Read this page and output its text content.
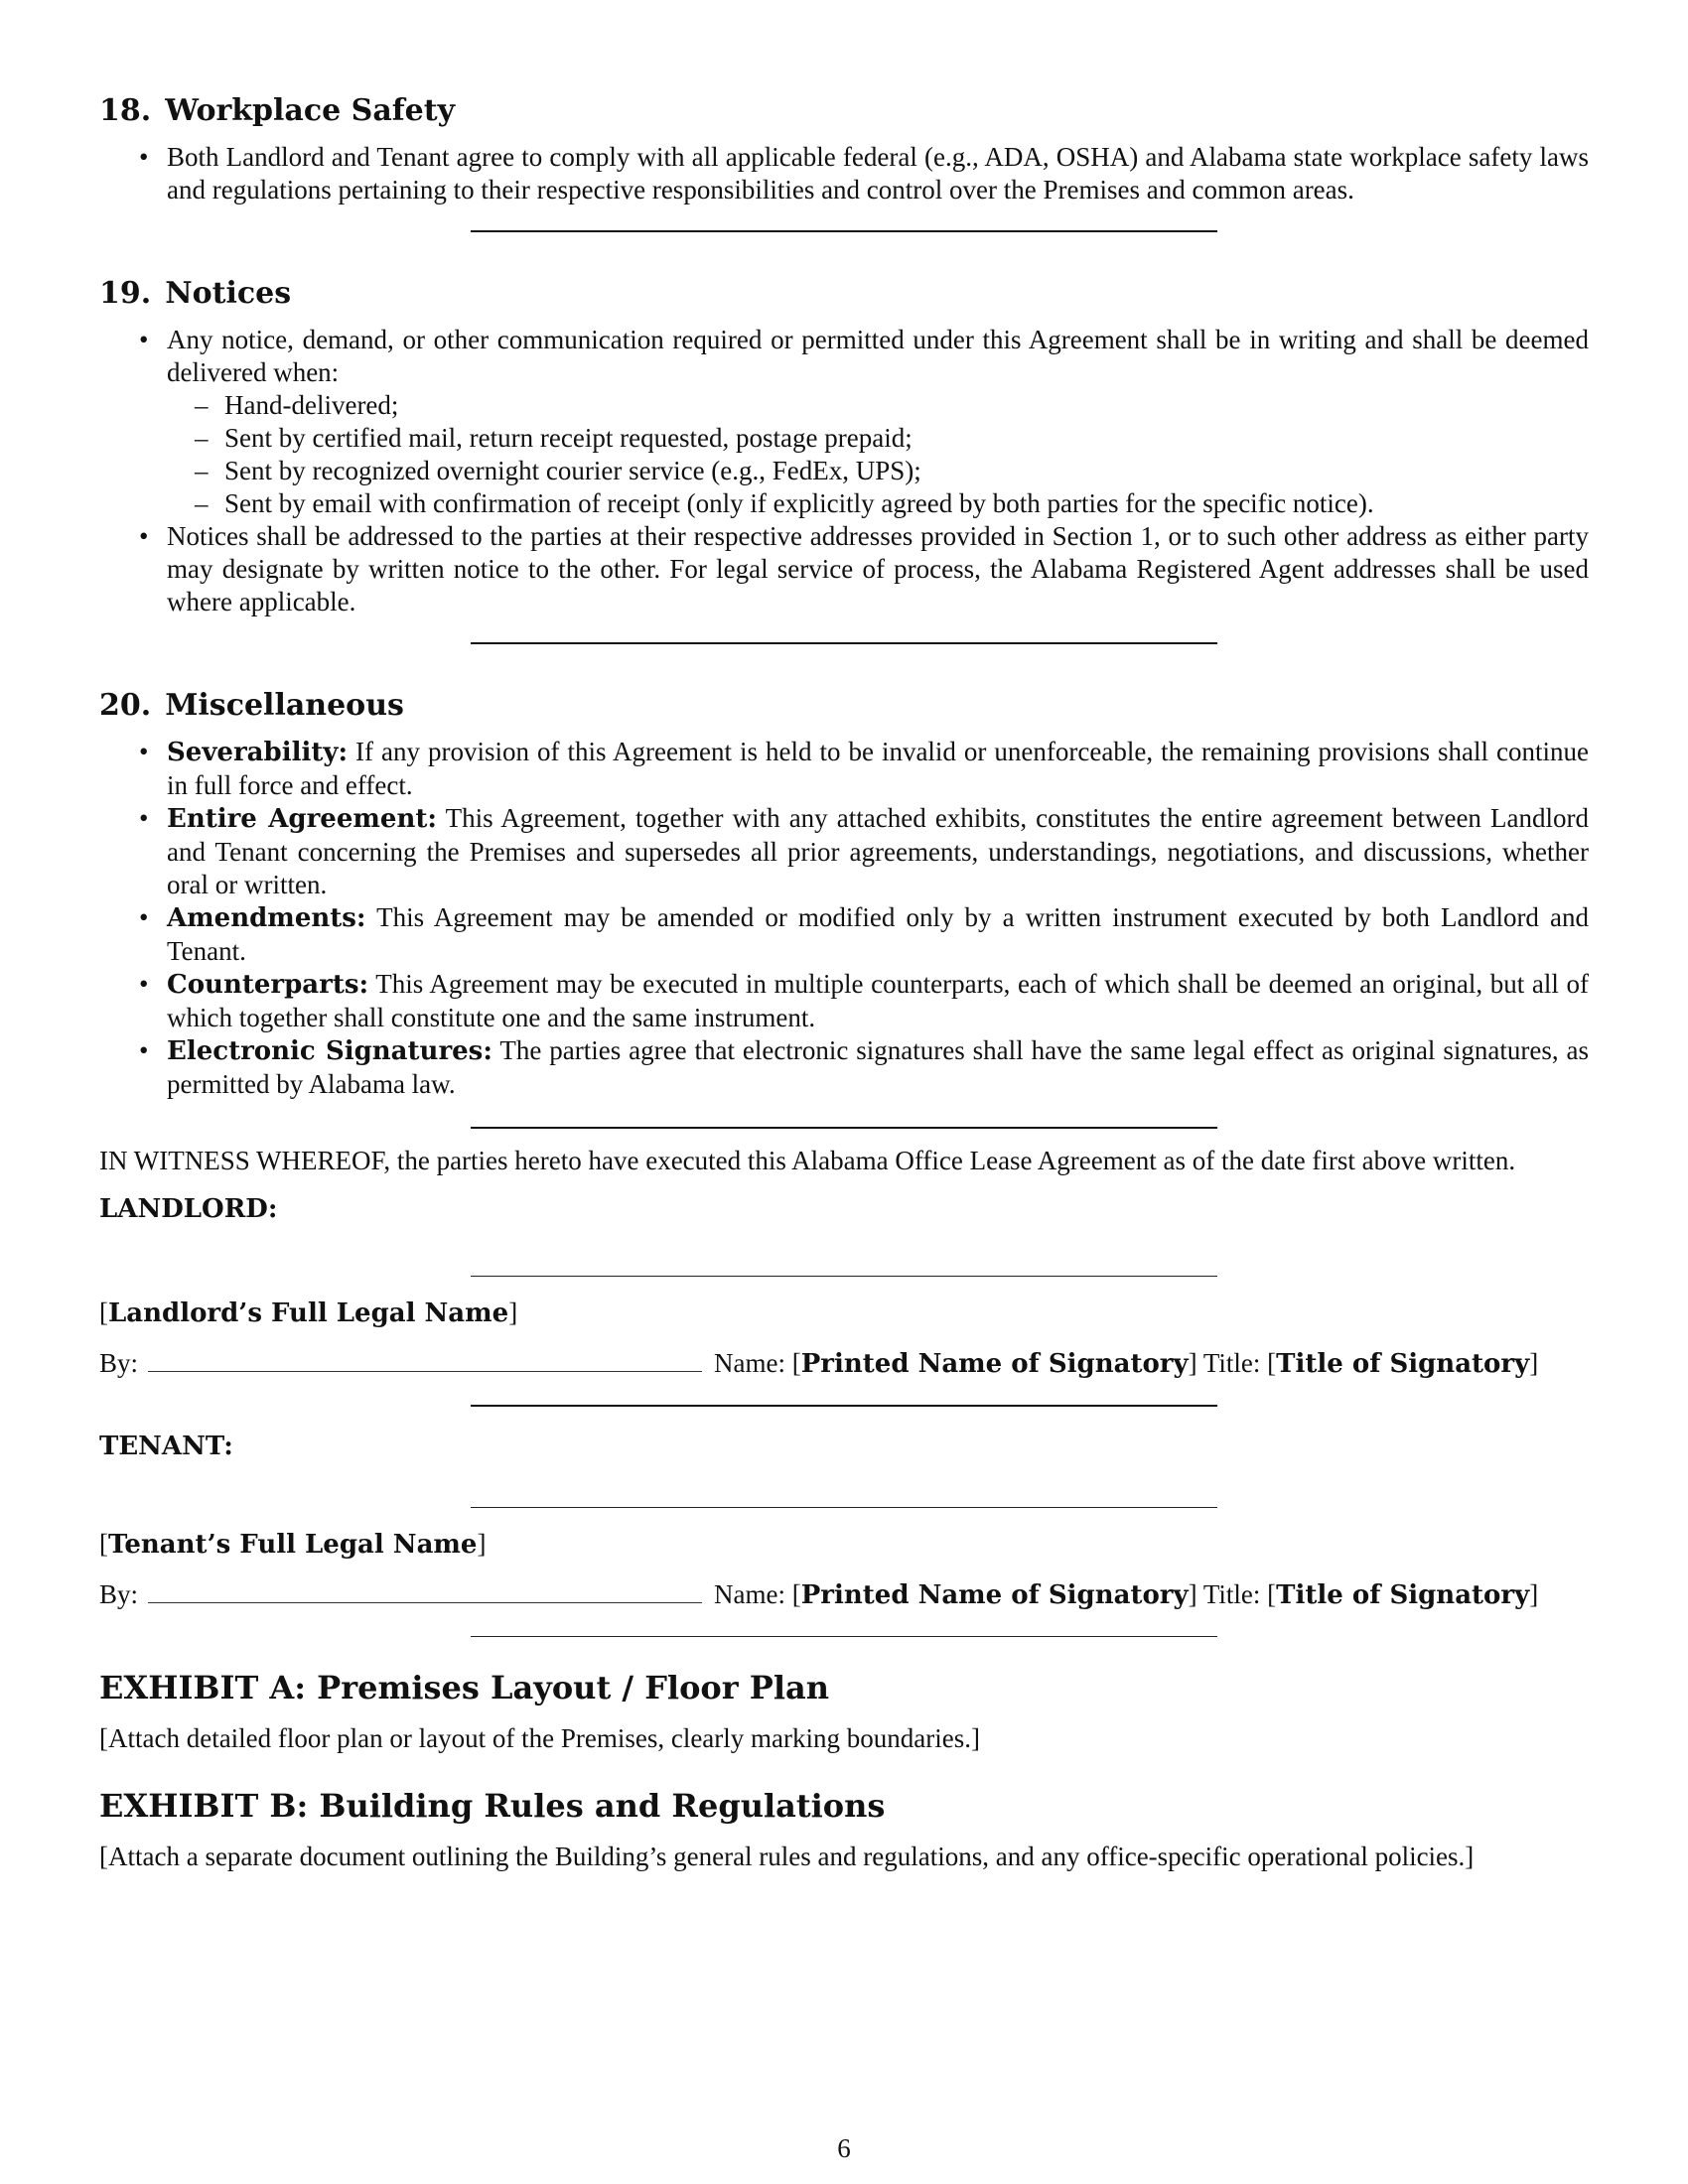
18. Workplace Safety
• Both Landlord and Tenant agree to comply with all applicable federal (e.g., ADA, OSHA) and Alabama state workplace safety laws and regulations pertaining to their respective responsibilities and control over the Premises and common areas.
19. Notices
• Any notice, demand, or other communication required or permitted under this Agreement shall be in writing and shall be deemed delivered when:
– Hand-delivered;
– Sent by certified mail, return receipt requested, postage prepaid;
– Sent by recognized overnight courier service (e.g., FedEx, UPS);
– Sent by email with confirmation of receipt (only if explicitly agreed by both parties for the specific notice).
• Notices shall be addressed to the parties at their respective addresses provided in Section 1, or to such other address as either party may designate by written notice to the other. For legal service of process, the Alabama Registered Agent addresses shall be used where applicable.
20. Miscellaneous
• Severability: If any provision of this Agreement is held to be invalid or unenforceable, the remaining provisions shall continue in full force and effect.
• Entire Agreement: This Agreement, together with any attached exhibits, constitutes the entire agreement between Landlord and Tenant concerning the Premises and supersedes all prior agreements, understandings, negotiations, and discussions, whether oral or written.
• Amendments: This Agreement may be amended or modified only by a written instrument executed by both Landlord and Tenant.
• Counterparts: This Agreement may be executed in multiple counterparts, each of which shall be deemed an original, but all of which together shall constitute one and the same instrument.
• Electronic Signatures: The parties agree that electronic signatures shall have the same legal effect as original signatures, as permitted by Alabama law.

IN WITNESS WHEREOF, the parties hereto have executed this Alabama Office Lease Agreement as of the date first above written.

LANDLORD:
[Landlord’s Full Legal Name]
By:	Name: [Printed Name of Signatory] Title: [Title of Signatory]
TENANT:
[Tenant’s Full Legal Name]
By:	Name: [Printed Name of Signatory] Title: [Title of Signatory]
EXHIBIT A: Premises Layout / Floor Plan

[Attach detailed floor plan or layout of the Premises, clearly marking boundaries.]

EXHIBIT B: Building Rules and Regulations

[Attach a separate document outlining the Building’s general rules and regulations, and any office-specific operational policies.]

6
